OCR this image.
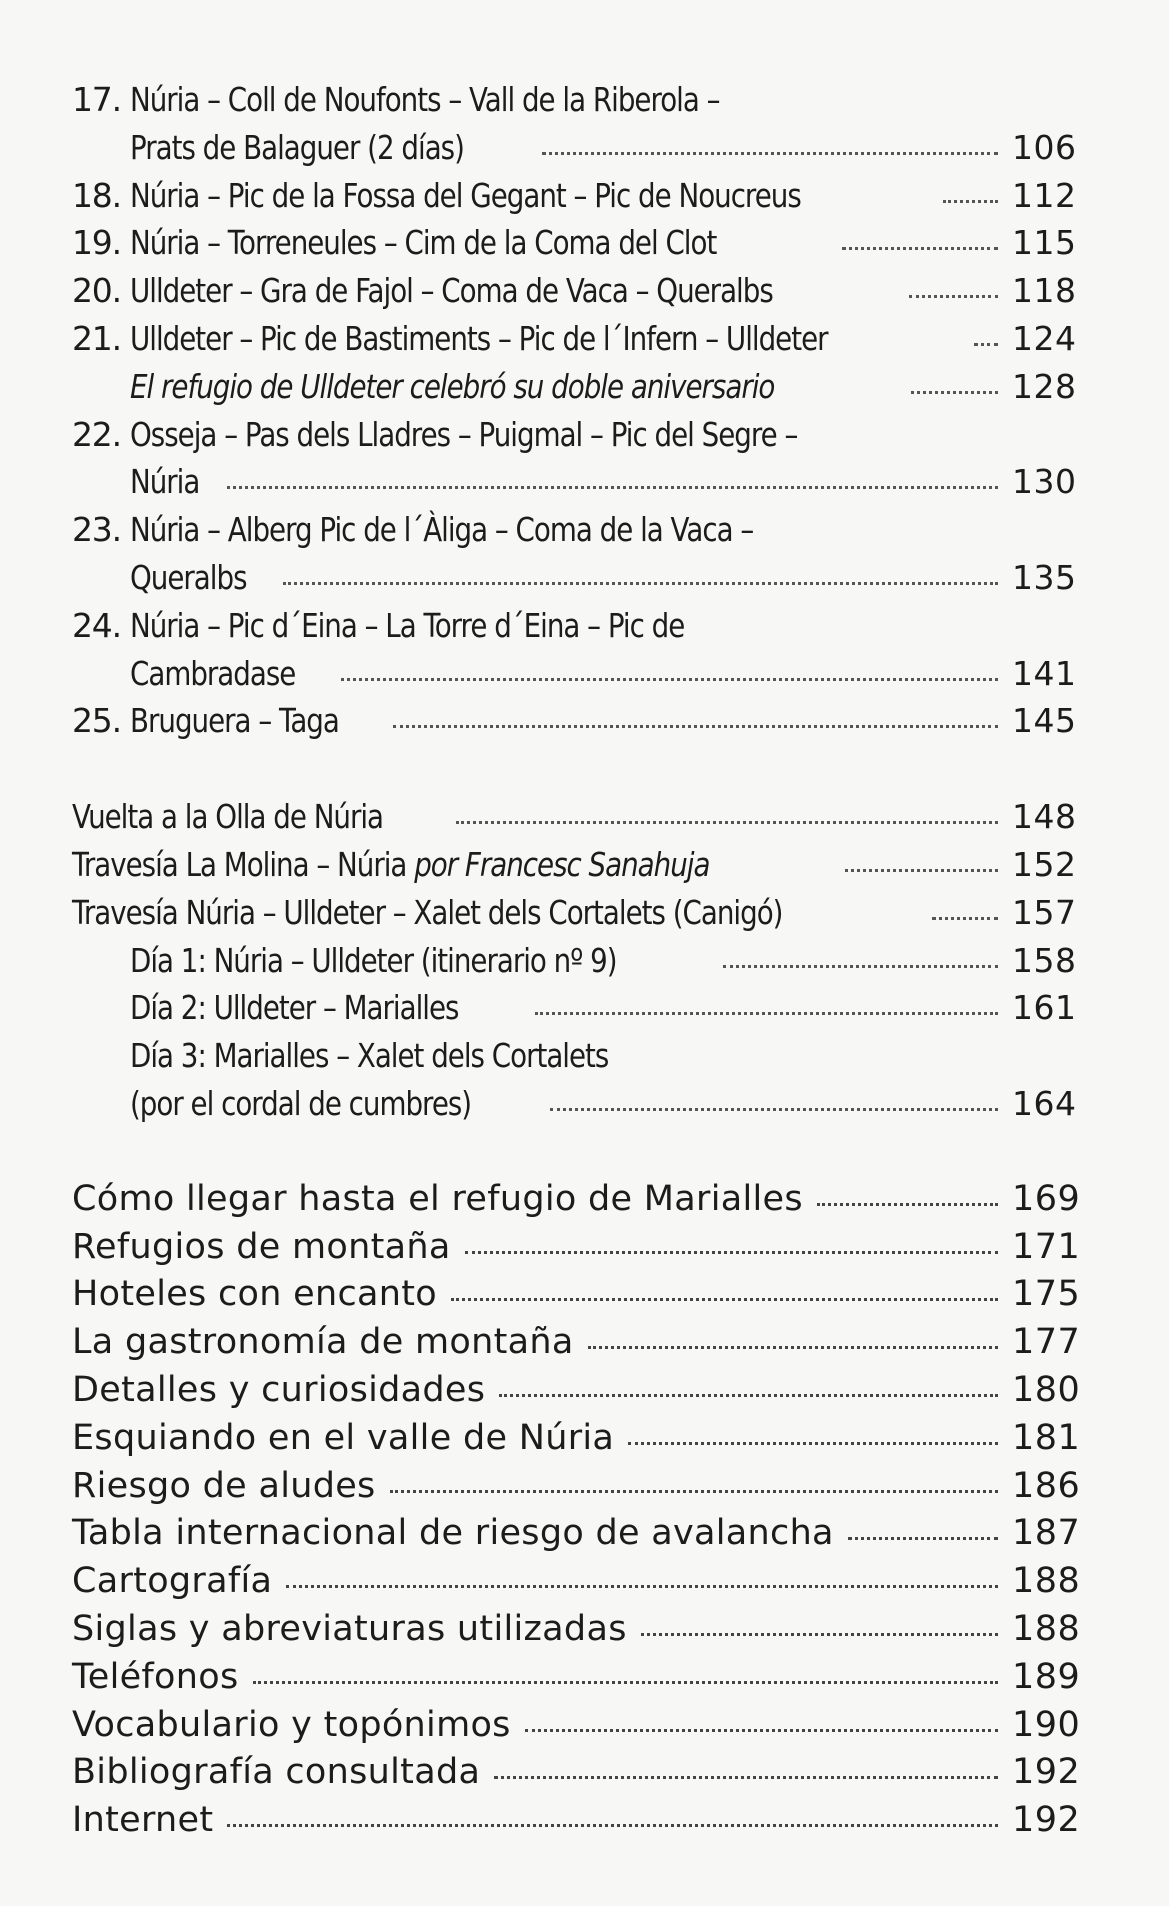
17. Núria – Coll de Noufonts – Vall de la Riberola –
Prats de Balaguer (2 días)	106
18. Núria – Pic de la Fossa del Gegant – Pic de Noucreus	112
19. Núria – Torreneules – Cim de la Coma del Clot	115
20. Ulldeter – Gra de Fajol – Coma de Vaca – Queralbs	118
21. Ulldeter – Pic de Bastiments – Pic de l´Infern – Ulldeter	124
El refugio de Ulldeter celebró su doble aniversario	128
22. Osseja – Pas dels Lladres – Puigmal – Pic del Segre –
Núria	130
23. Núria – Alberg Pic de l´Àliga – Coma de la Vaca –
Queralbs	135
24. Núria – Pic d´Eina – La Torre d´Eina – Pic de
Cambradase	141
25. Bruguera – Taga	145
Vuelta a la Olla de Núria	148
Travesía La Molina – Núria por Francesc Sanahuja	152
Travesía Núria – Ulldeter – Xalet dels Cortalets (Canigó)	157
Día 1: Núria – Ulldeter (itinerario nº 9)	158
Día 2: Ulldeter – Marialles	161
Día 3: Marialles – Xalet dels Cortalets
(por el cordal de cumbres)	164
Cómo llegar hasta el refugio de Marialles	169
Refugios de montaña	171
Hoteles con encanto	175
La gastronomía de montaña	177
Detalles y curiosidades	180
Esquiando en el valle de Núria	181
Riesgo de aludes	186
Tabla internacional de riesgo de avalancha	187
Cartografía	188
Siglas y abreviaturas utilizadas	188
Teléfonos	189
Vocabulario y topónimos	190
Bibliografía consultada	192
Internet	192
